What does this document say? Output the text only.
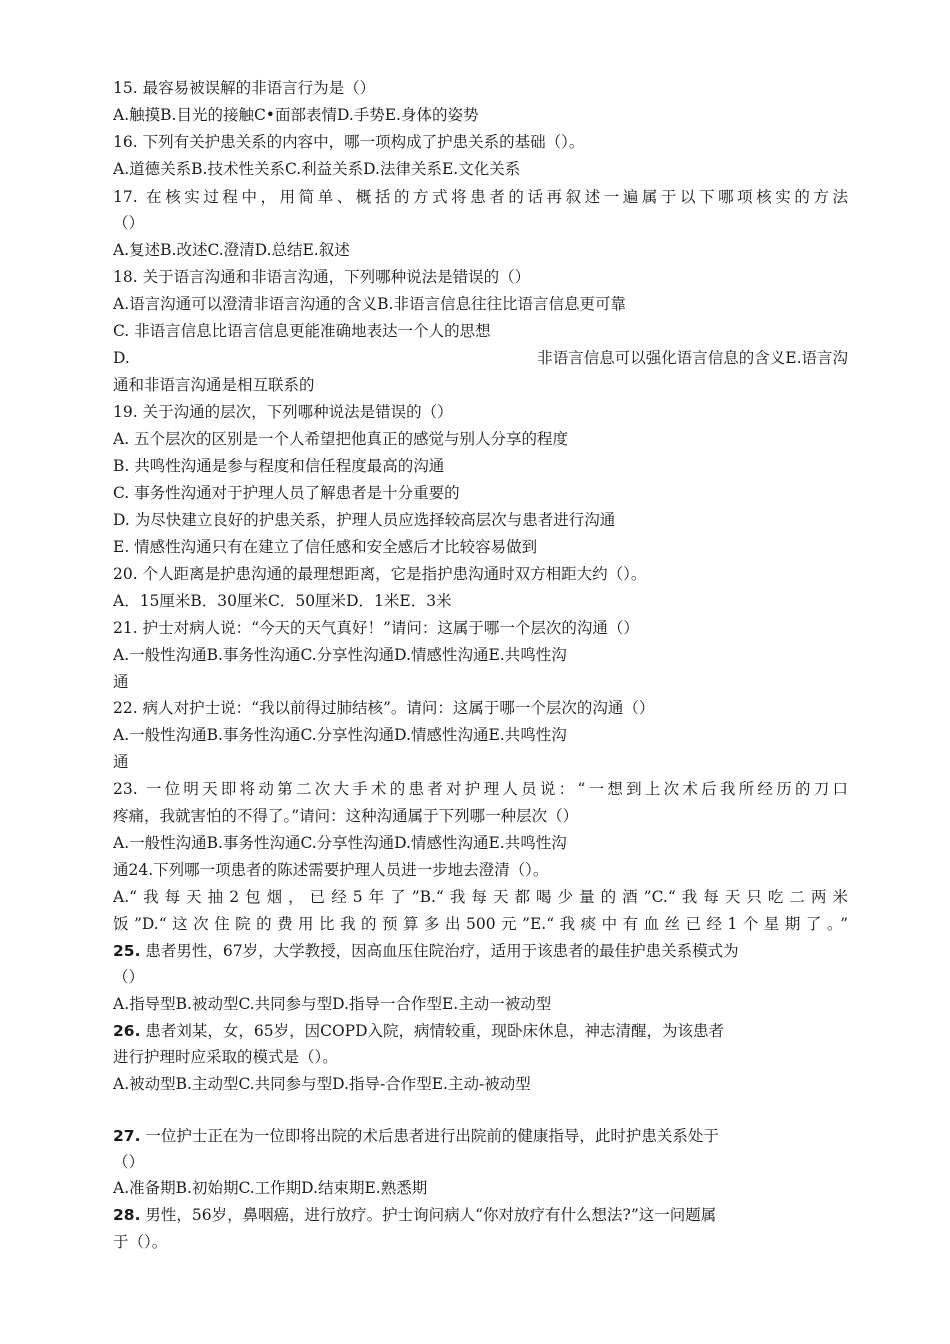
15. 最容易被误解的非语言行为是（）
A.触摸B.目光的接触C•面部表情D.手势E.身体的姿势
16. 下列有关护患关系的内容中，哪一项构成了护患关系的基础（）。
A.道德关系B.技术性关系C.利益关系D.法律关系E.文化关系
17. 在核实过程中，用简单、概括的方式将患者的话再叙述一遍属于以下哪项核实的方法
（）
A.复述B.改述C.澄清D.总结E.叙述
18. 关于语言沟通和非语言沟通，下列哪种说法是错误的（）
A.语言沟通可以澄清非语言沟通的含义B.非语言信息往往比语言信息更可靠
C. 非语言信息比语言信息更能准确地表达一个人的思想
D.	非语言信息可以强化语言信息的含义E.语言沟
通和非语言沟通是相互联系的
19. 关于沟通的层次，下列哪种说法是错误的（）
A. 五个层次的区别是一个人希望把他真正的感觉与别人分享的程度
B. 共鸣性沟通是参与程度和信任程度最高的沟通
C. 事务性沟通对于护理人员了解患者是十分重要的
D. 为尽快建立良好的护患关系，护理人员应选择较高层次与患者进行沟通
E. 情感性沟通只有在建立了信任感和安全感后才比较容易做到
20. 个人距离是护患沟通的最理想距离，它是指护患沟通时双方相距大约（）。
A．15厘米B．30厘米C．50厘米D．1米E．3米
21. 护士对病人说：“今天的天气真好！”请问：这属于哪一个层次的沟通（）
A.一般性沟通B.事务性沟通C.分享性沟通D.情感性沟通E.共鸣性沟
通
22. 病人对护士说：“我以前得过肺结核”。请问：这属于哪一个层次的沟通（）
A.一般性沟通B.事务性沟通C.分享性沟通D.情感性沟通E.共鸣性沟
通
23. 一位明天即将动第二次大手术的患者对护理人员说：“一想到上次术后我所经历的刀口
疼痛，我就害怕的不得了。”请问：这种沟通属于下列哪一种层次（）
A.一般性沟通B.事务性沟通C.分享性沟通D.情感性沟通E.共鸣性沟
通24.下列哪一项患者的陈述需要护理人员进一步地去澄清（）。
A.“我每天抽2包烟，已经5年了”B.“我每天都喝少量的酒”C.“我每天只吃二两米
饭”D.“这次住院的费用比我的预算多出500元”E.“我痰中有血丝已经1个星期了。”
25. 患者男性，67岁，大学教授，因高血压住院治疗，适用于该患者的最佳护患关系模式为
（）
A.指导型B.被动型C.共同参与型D.指导一合作型E.主动一被动型
26. 患者刘某，女，65岁，因COPD入院，病情较重，现卧床休息，神志清醒，为该患者
进行护理时应采取的模式是（）。
A.被动型B.主动型C.共同参与型D.指导-合作型E.主动-被动型
27. 一位护士正在为一位即将出院的术后患者进行出院前的健康指导，此时护患关系处于
（）
A.准备期B.初始期C.工作期D.结束期E.熟悉期
28. 男性，56岁，鼻咽癌，进行放疗。护士询问病人“你对放疗有什么想法?”这一问题属
于（）。
